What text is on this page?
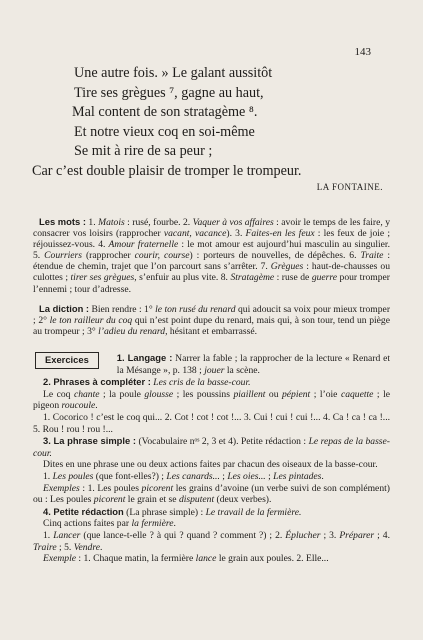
143
Une autre fois. » Le galant aussitôt
Tire ses grègues ⁷, gagne au haut,
Mal content de son stratagème ⁸.
Et notre vieux coq en soi-même
Se mit à rire de sa peur ;
Car c’est double plaisir de tromper le trompeur.
LA FONTAINE.

Les mots : 1. Matois : rusé, fourbe. 2. Vaquer à vos affaires : avoir le temps de les faire, y consacrer vos loisirs (rapprocher vacant, vacance). 3. Faites-en les feux : les feux de joie ; réjouissez-vous. 4. Amour fraternelle : le mot amour est aujourd’hui masculin au singulier. 5. Courriers (rapprocher courir, course) : porteurs de nouvelles, de dépêches. 6. Traite : étendue de chemin, trajet que l’on parcourt sans s’arrêter. 7. Grègues : haut-de-chausses ou culottes ; tirer ses grègues, s’enfuir au plus vite. 8. Stratagème : ruse de guerre pour tromper l’ennemi ; tour d’adresse.

La diction : Bien rendre : 1° le ton rusé du renard qui adoucit sa voix pour mieux tromper ; 2° le ton railleur du coq qui n’est point dupe du renard, mais qui, à son tour, tend un piège au trompeur ; 3° l’adieu du renard, hésitant et embarrassé.

Exercices	1. Langage : Narrer la fable ; la rapprocher de la lecture « Renard et la Mésange », p. 138 ; jouer la scène.

2. Phrases à compléter : Les cris de la basse-cour.

Le coq chante ; la poule glousse ; les poussins piaillent ou pépient ; l’oie caquette ; le pigeon roucoule.

1. Cocorico ! c’est le coq qui... 2. Cot ! cot ! cot !... 3. Cui ! cui ! cui !... 4. Ca ! ca ! ca !... 5. Rou ! rou ! rou !...

3. La phrase simple : (Vocabulaire nᵒˢ 2, 3 et 4). Petite rédaction : Le repas de la basse-cour.

Dites en une phrase une ou deux actions faites par chacun des oiseaux de la basse-cour.

1. Les poules (que font-elles?) ; Les canards... ; Les oies... ; Les pintades.

Exemples : 1. Les poules picorent les grains d’avoine (un verbe suivi de son complément) ou : Les poules picorent le grain et se disputent (deux verbes).

4. Petite rédaction (La phrase simple) : Le travail de la fermière.

Cinq actions faites par la fermière.

1. Lancer (que lance-t-elle ? à qui ? quand ? comment ?) ; 2. Éplucher ; 3. Préparer ; 4. Traire ; 5. Vendre.

Exemple : 1. Chaque matin, la fermière lance le grain aux poules. 2. Elle...
